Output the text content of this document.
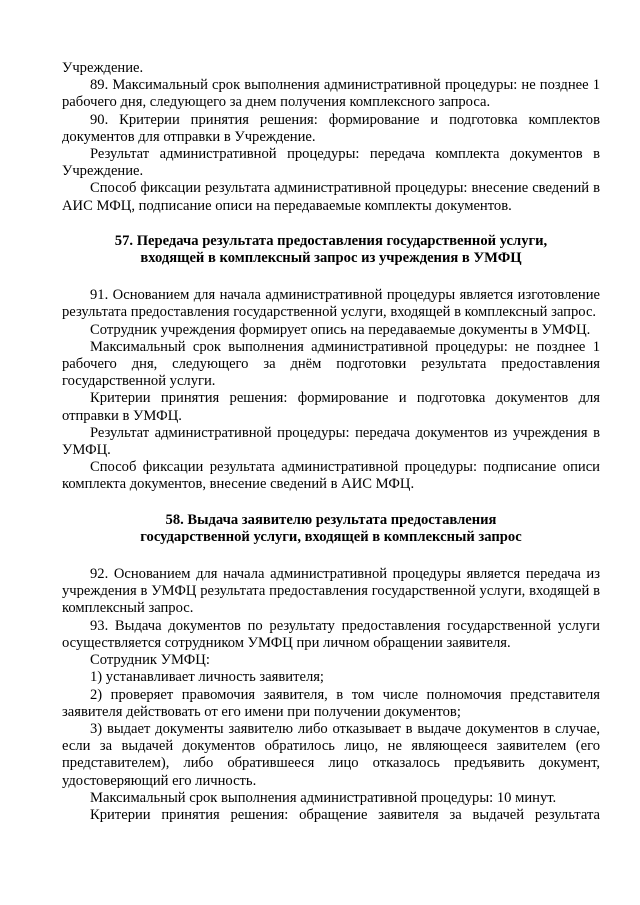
Учреждение.

89. Максимальный срок выполнения административной процедуры: не позднее 1 рабочего дня, следующего за днем получения комплексного запроса.

90. Критерии принятия решения: формирование и подготовка комплектов документов для отправки в Учреждение.

Результат административной процедуры: передача комплекта документов в Учреждение.

Способ фиксации результата административной процедуры: внесение сведений в АИС МФЦ, подписание описи на передаваемые комплекты документов.

57. Передача результата предоставления государственной услуги,
входящей в комплексный запрос из учреждения в УМФЦ

91. Основанием для начала административной процедуры является изготовление результата предоставления государственной услуги, входящей в комплексный запрос.

Сотрудник учреждения формирует опись на передаваемые документы в УМФЦ.

Максимальный срок выполнения административной процедуры: не позднее 1 рабочего дня, следующего за днём подготовки результата предоставления государственной услуги.

Критерии принятия решения: формирование и подготовка документов для отправки в УМФЦ.

Результат административной процедуры: передача документов из учреждения в УМФЦ.

Способ фиксации результата административной процедуры: подписание описи комплекта документов, внесение сведений в АИС МФЦ.

58. Выдача заявителю результата предоставления
государственной услуги, входящей в комплексный запрос

92. Основанием для начала административной процедуры является передача из учреждения в УМФЦ результата предоставления государственной услуги, входящей в комплексный запрос.

93. Выдача документов по результату предоставления государственной услуги осуществляется сотрудником УМФЦ при личном обращении заявителя.

Сотрудник УМФЦ:

1) устанавливает личность заявителя;

2) проверяет правомочия заявителя, в том числе полномочия представителя заявителя действовать от его имени при получении документов;

3) выдает документы заявителю либо отказывает в выдаче документов в случае, если за выдачей документов обратилось лицо, не являющееся заявителем (его представителем), либо обратившееся лицо отказалось предъявить документ, удостоверяющий его личность.

Максимальный срок выполнения административной процедуры: 10 минут.

Критерии принятия решения: обращение заявителя за выдачей результата
